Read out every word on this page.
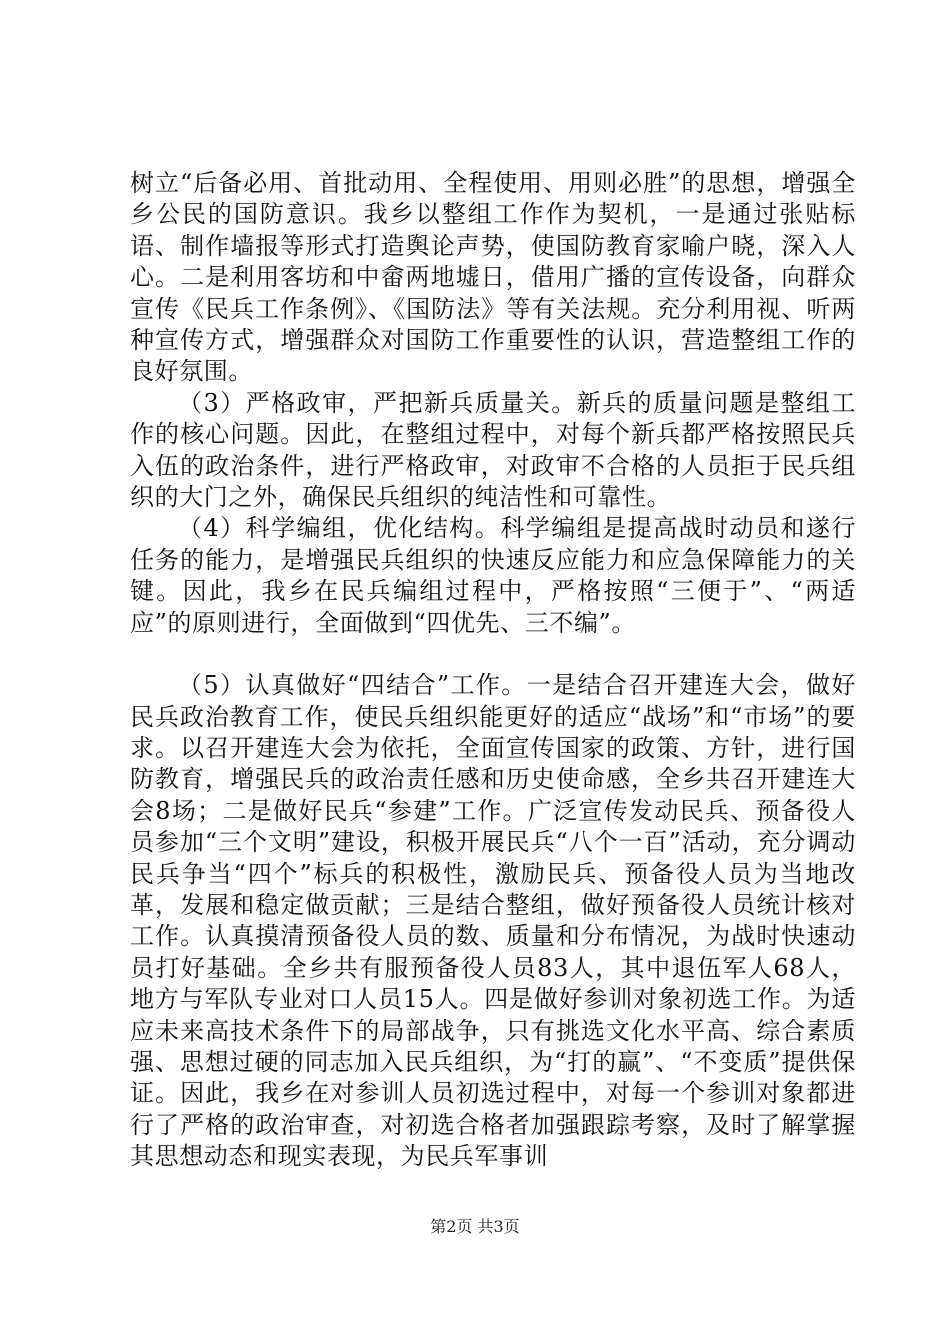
树立“后备必用、首批动用、全程使用、用则必胜”的思想，增强全乡公民的国防意识。我乡以整组工作作为契机，一是通过张贴标语、制作墙报等形式打造舆论声势，使国防教育家喻户晓，深入人心。二是利用客坊和中畲两地墟日，借用广播的宣传设备，向群众宣传《民兵工作条例》、《国防法》等有关法规。充分利用视、听两种宣传方式，增强群众对国防工作重要性的认识，营造整组工作的良好氛围。

（3）严格政审，严把新兵质量关。新兵的质量问题是整组工作的核心问题。因此，在整组过程中，对每个新兵都严格按照民兵入伍的政治条件，进行严格政审，对政审不合格的人员拒于民兵组织的大门之外，确保民兵组织的纯洁性和可靠性。

（4）科学编组，优化结构。科学编组是提高战时动员和遂行任务的能力，是增强民兵组织的快速反应能力和应急保障能力的关键。因此，我乡在民兵编组过程中，严格按照“三便于”、“两适应”的原则进行，全面做到“四优先、三不编”。

（5）认真做好“四结合”工作。一是结合召开建连大会，做好民兵政治教育工作，使民兵组织能更好的适应“战场”和“市场”的要求。以召开建连大会为依托，全面宣传国家的政策、方针，进行国防教育，增强民兵的政治责任感和历史使命感，全乡共召开建连大会8场；二是做好民兵“参建”工作。广泛宣传发动民兵、预备役人员参加“三个文明”建设，积极开展民兵“八个一百”活动，充分调动民兵争当“四个”标兵的积极性，激励民兵、预备役人员为当地改革，发展和稳定做贡献；三是结合整组，做好预备役人员统计核对工作。认真摸清预备役人员的数、质量和分布情况，为战时快速动员打好基础。全乡共有服预备役人员83人，其中退伍军人68人，地方与军队专业对口人员15人。四是做好参训对象初选工作。为适应未来高技术条件下的局部战争，只有挑选文化水平高、综合素质强、思想过硬的同志加入民兵组织，为“打的赢”、“不变质”提供保证。因此，我乡在对参训人员初选过程中，对每一个参训对象都进行了严格的政治审查，对初选合格者加强跟踪考察，及时了解掌握其思想动态和现实表现，为民兵军事训

第2页 共3页
